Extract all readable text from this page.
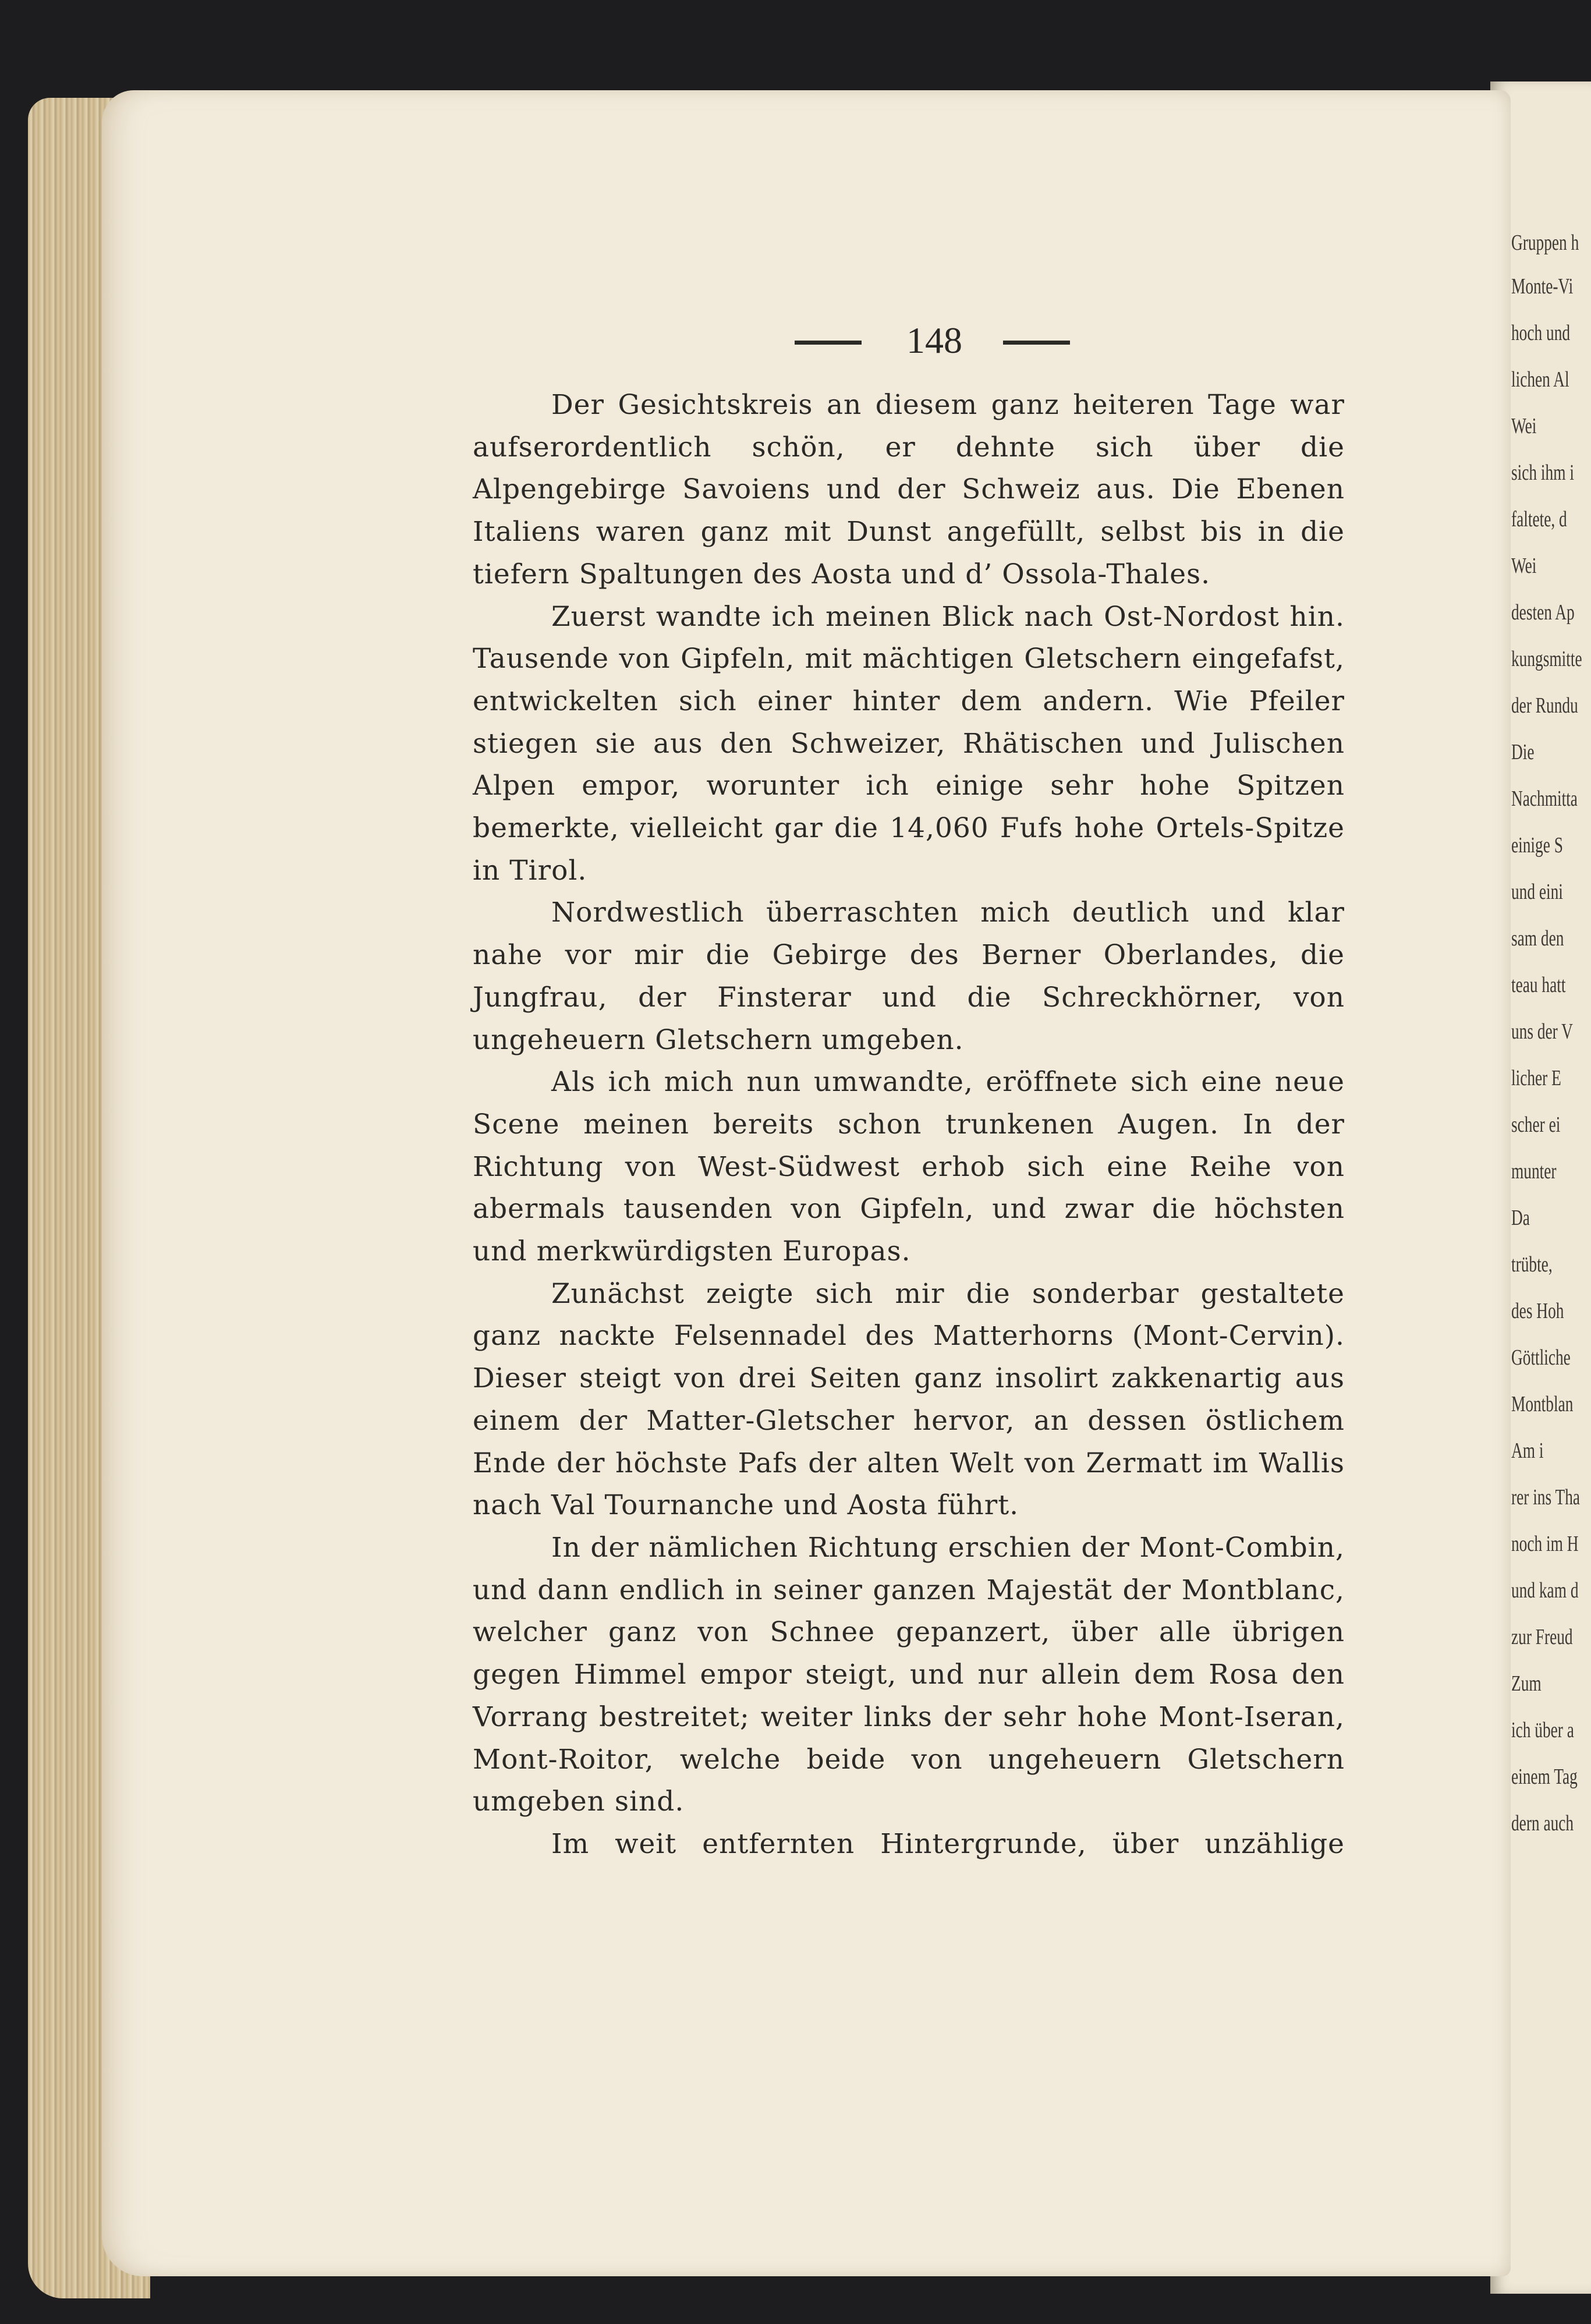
Gruppen h
Monte-Vi
hoch und
lichen Al
Wei
sich ihm i
faltete, d
Wei
desten Ap
kungsmitte
der Rundu
Die
Nachmitta
einige S
und eini
sam den
teau hatt
uns der V
licher E
scher ei
munter
Da
trübte,
des Hoh
Göttliche
Montblan
Am i
rer ins Tha
noch im H
und kam d
zur Freud
Zum
ich über a
einem Tag
dern auch
148

Der Gesichtskreis an diesem ganz heiteren Tage war aufserordentlich schön, er dehnte sich über die Alpengebirge Savoiens und der Schweiz aus. Die Ebenen Italiens waren ganz mit Dunst angefüllt, selbst bis in die tiefern Spaltungen des Aosta und d’ Ossola-Thales.

Zuerst wandte ich meinen Blick nach Ost-Nordost hin. Tausende von Gipfeln, mit mächtigen Gletschern eingefafst, entwickelten sich einer hinter dem andern. Wie Pfeiler stiegen sie aus den Schweizer, Rhätischen und Julischen Alpen empor, worunter ich einige sehr hohe Spitzen bemerkte, vielleicht gar die 14,060 Fufs hohe Ortels-Spitze in Tirol.

Nordwestlich überraschten mich deutlich und klar nahe vor mir die Gebirge des Berner Oberlandes, die Jungfrau, der Finsterar und die Schreckhörner, von ungeheuern Gletschern umgeben.

Als ich mich nun umwandte, eröffnete sich eine neue Scene meinen bereits schon trunkenen Augen. In der Richtung von West-Südwest erhob sich eine Reihe von abermals tausenden von Gipfeln, und zwar die höchsten und merkwürdigsten Europas.

Zunächst zeigte sich mir die sonderbar gestaltete ganz nackte Felsennadel des Matterhorns (Mont-Cervin). Dieser steigt von drei Seiten ganz insolirt zakkenartig aus einem der Matter-Gletscher hervor, an dessen östlichem Ende der höchste Pafs der alten Welt von Zermatt im Wallis nach Val Tournanche und Aosta führt.

In der nämlichen Richtung erschien der Mont-Combin, und dann endlich in seiner ganzen Majestät der Montblanc, welcher ganz von Schnee gepanzert, über alle übrigen gegen Himmel empor steigt, und nur allein dem Rosa den Vorrang bestreitet; weiter links der sehr hohe Mont-Iseran, Mont-Roitor, welche beide von ungeheuern Gletschern umgeben sind.

Im weit entfernten Hintergrunde, über unzählige
